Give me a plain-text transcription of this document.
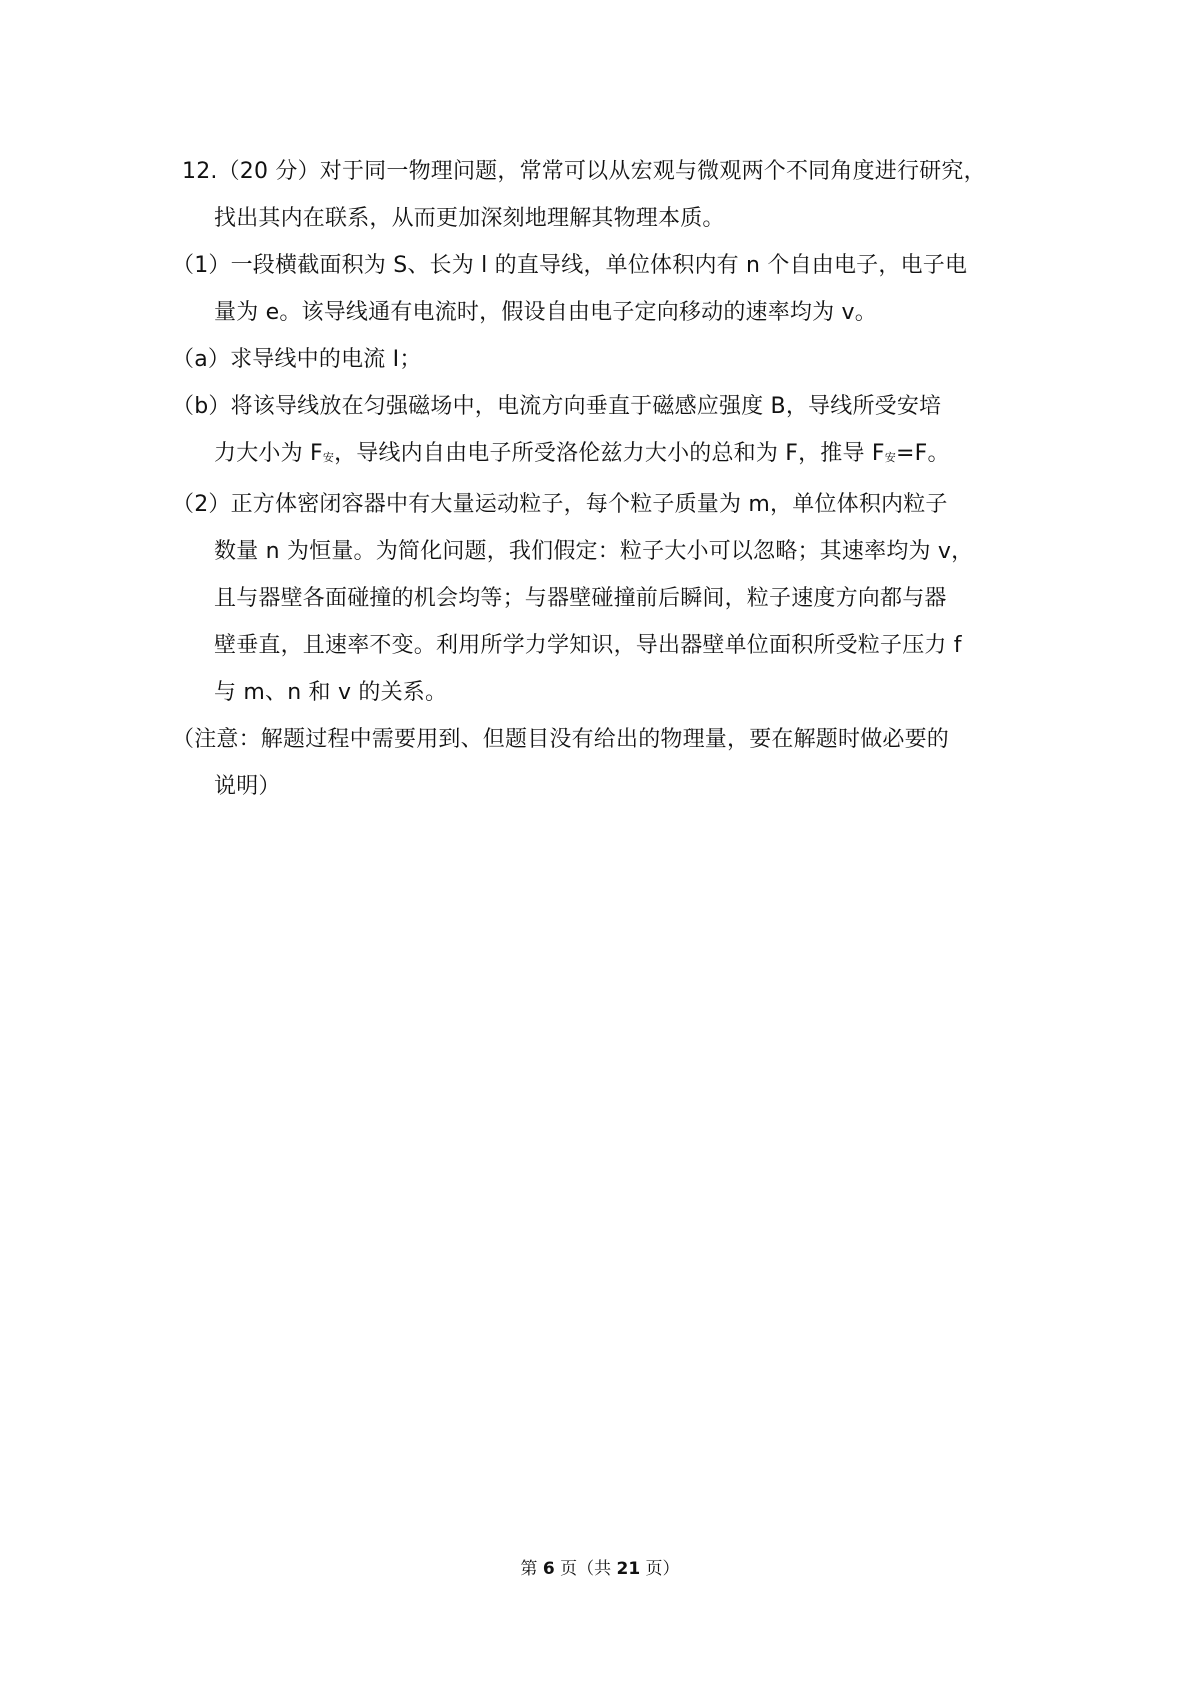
12.（20 分）对于同一物理问题，常常可以从宏观与微观两个不同角度进行研究，
找出其内在联系，从而更加深刻地理解其物理本质。
（1）一段横截面积为 S、长为 l 的直导线，单位体积内有 n 个自由电子，电子电
量为 e。该导线通有电流时，假设自由电子定向移动的速率均为 v。
（a）求导线中的电流 I；
（b）将该导线放在匀强磁场中，电流方向垂直于磁感应强度 B，导线所受安培
力大小为 F安，导线内自由电子所受洛伦兹力大小的总和为 F，推导 F安=F。
（2）正方体密闭容器中有大量运动粒子，每个粒子质量为 m，单位体积内粒子
数量 n 为恒量。为简化问题，我们假定：粒子大小可以忽略；其速率均为 v，
且与器壁各面碰撞的机会均等；与器壁碰撞前后瞬间，粒子速度方向都与器
壁垂直，且速率不变。利用所学力学知识，导出器壁单位面积所受粒子压力 f
与 m、n 和 v 的关系。
（注意：解题过程中需要用到、但题目没有给出的物理量，要在解题时做必要的
说明）
第 6 页（共 21 页）
